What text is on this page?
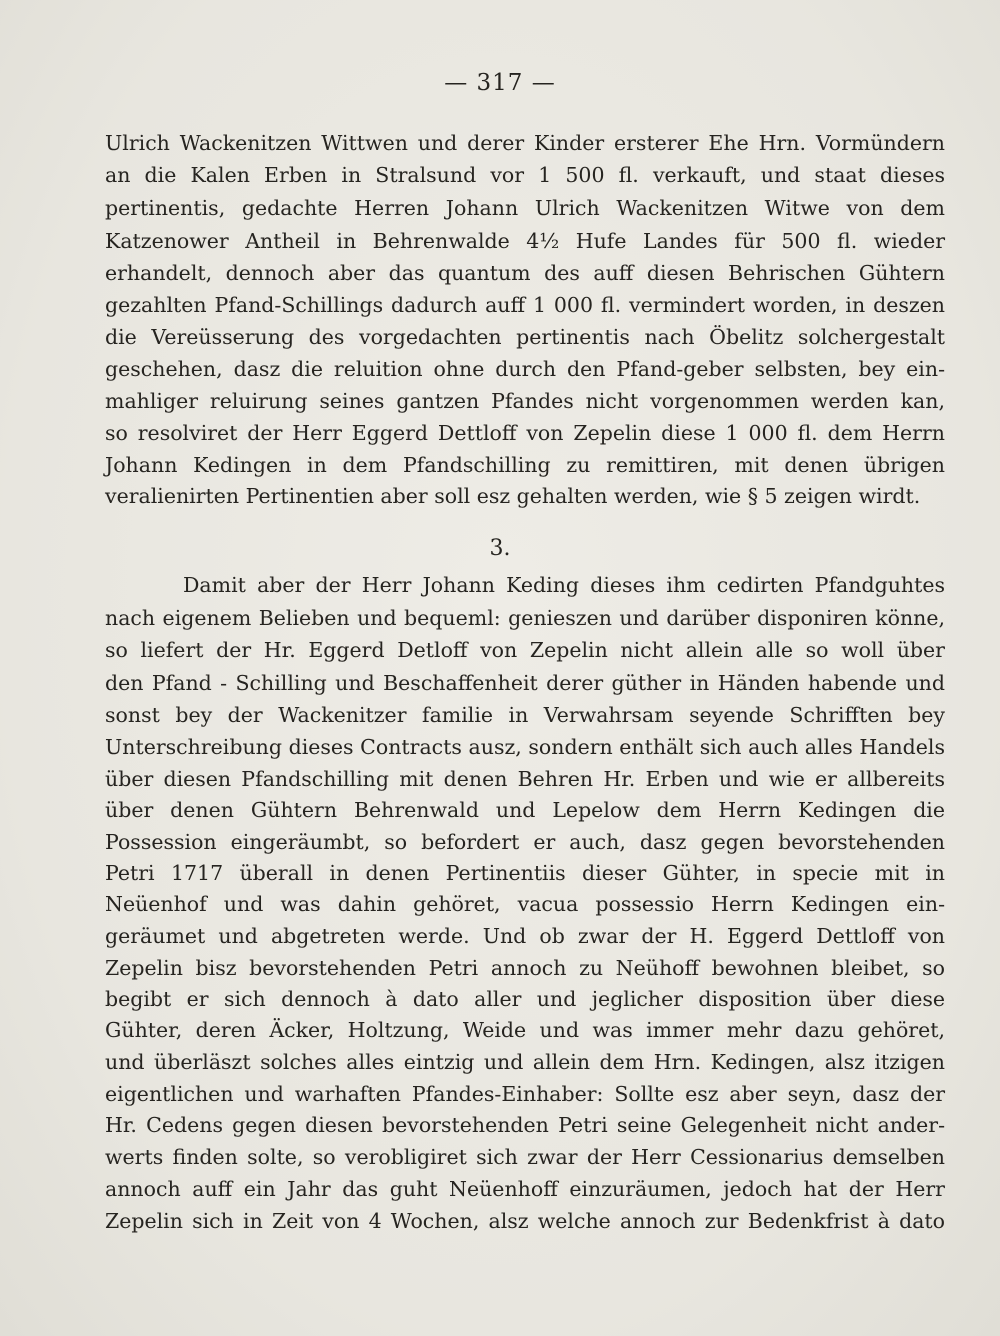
— 317 —
Ulrich Wackenitzen Wittwen und derer Kinder ersterer Ehe Hrn. Vormündern
an die Kalen Erben in Stralsund vor 1 500 fl. verkauft, und staat dieses
pertinentis, gedachte Herren Johann Ulrich Wackenitzen Witwe von dem
Katzenower Antheil in Behrenwalde 4½ Hufe Landes für 500 fl. wieder
erhandelt, dennoch aber das quantum des auff diesen Behrischen Gühtern
gezahlten Pfand-Schillings dadurch auff 1 000 fl. vermindert worden, in deszen
die Vereüsserung des vorgedachten pertinentis nach Öbelitz solchergestalt
geschehen, dasz die reluition ohne durch den Pfand-geber selbsten, bey ein-
mahliger reluirung seines gantzen Pfandes nicht vorgenommen werden kan,
so resolviret der Herr Eggerd Dettloff von Zepelin diese 1 000 fl. dem Herrn
Johann Kedingen in dem Pfandschilling zu remittiren, mit denen übrigen
veralienirten Pertinentien aber soll esz gehalten werden, wie § 5 zeigen wirdt.
3.
Damit aber der Herr Johann Keding dieses ihm cedirten Pfandguhtes
nach eigenem Belieben und bequeml: genieszen und darüber disponiren könne,
so liefert der Hr. Eggerd Detloff von Zepelin nicht allein alle so woll über
den Pfand - Schilling und Beschaffenheit derer güther in Händen habende und
sonst bey der Wackenitzer familie in Verwahrsam seyende Schrifften bey
Unterschreibung dieses Contracts ausz, sondern enthält sich auch alles Handels
über diesen Pfandschilling mit denen Behren Hr. Erben und wie er allbereits
über denen Gühtern Behrenwald und Lepelow dem Herrn Kedingen die
Possession eingeräumbt, so befordert er auch, dasz gegen bevorstehenden
Petri 1717 überall in denen Pertinentiis dieser Gühter, in specie mit in
Neüenhof und was dahin gehöret, vacua possessio Herrn Kedingen ein-
geräumet und abgetreten werde. Und ob zwar der H. Eggerd Dettloff von
Zepelin bisz bevorstehenden Petri annoch zu Neühoff bewohnen bleibet, so
begibt er sich dennoch à dato aller und jeglicher disposition über diese
Gühter, deren Äcker, Holtzung, Weide und was immer mehr dazu gehöret,
und überläszt solches alles eintzig und allein dem Hrn. Kedingen, alsz itzigen
eigentlichen und warhaften Pfandes-Einhaber: Sollte esz aber seyn, dasz der
Hr. Cedens gegen diesen bevorstehenden Petri seine Gelegenheit nicht ander-
werts finden solte, so verobligiret sich zwar der Herr Cessionarius demselben
annoch auff ein Jahr das guht Neüenhoff einzuräumen, jedoch hat der Herr
Zepelin sich in Zeit von 4 Wochen, alsz welche annoch zur Bedenkfrist à dato
